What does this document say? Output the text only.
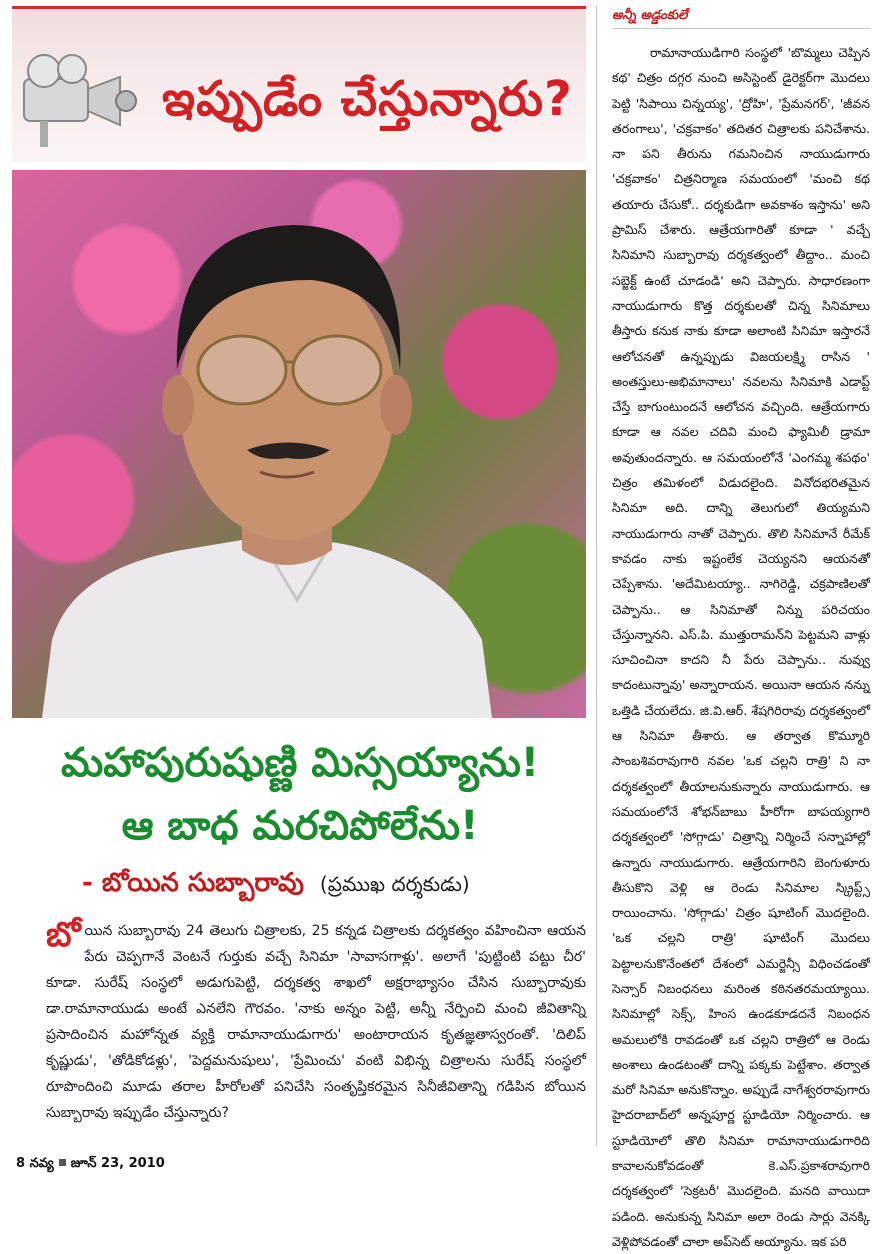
ఇప్పుడేం చేస్తున్నారు?
మహాపురుషుణ్ణి మిస్సయ్యాను!
ఆ బాధ మరచిపోలేను!
- బోయిన సుబ్బారావు (ప్రముఖ దర్శకుడు)
బోయిన సుబ్బారావు 24 తెలుగు చిత్రాలకు, 25 కన్నడ చిత్రాలకు దర్శకత్వం వహించినా ఆయన పేరు చెప్పగానే వెంటనే గుర్తుకు వచ్చే సినిమా 'సావాసగాళ్లు'. అలాగే 'పుట్టింటి పట్టు చీర' కూడా. సురేష్ సంస్థలో అడుగుపెట్టి, దర్శకత్వ శాఖలో అక్షరాభ్యాసం చేసిన సుబ్బారావుకు డా.రామానాయుడు అంటే ఎనలేని గౌరవం. 'నాకు అన్నం పెట్టి, అన్నీ నేర్పించి మంచి జీవితాన్ని ప్రసాదించిన మహోన్నత వ్యక్తి రామానాయుడుగారు' అంటారాయన కృతజ్ఞతాస్వరంతో. 'దిలిప్ కృష్ణుడు', 'తోడికోడళ్లు', 'పెద్దమనుషులు', 'ప్రేమించు' వంటి విభిన్న చిత్రాలను సురేష్ సంస్థలో రూపొందించి మూడు తరాల హీరోలతో పనిచేసి సంతృప్తికరమైన సినీజీవితాన్ని గడిపిన బోయిన సుబ్బారావు ఇప్పుడేం చేస్తున్నారు?
8 నవ్య జూన్ 23, 2010
అన్నీ అడ్డంకులే

రామానాయుడిగారి సంస్థలో 'బొమ్మలు చెప్పిన కథ' చిత్రం దగ్గర నుంచి అసిస్టెంట్ డైరెక్టర్‌గా మొదలు పెట్టి 'సిపాయి చిన్నయ్య', 'ద్రోహి', 'ప్రేమనగర్', 'జీవన తరంగాలు', 'చక్రవాకం' తదితర చిత్రాలకు పనిచేశాను. నా పని తీరును గమనించిన నాయుడుగారు 'చక్రవాకం' చిత్రనిర్మాణ సమయంలో 'మంచి కథ తయారు చేసుకో.. దర్శకుడిగా అవకాశం ఇస్తాను' అని ప్రామిస్ చేశారు. ఆత్రేయగారితో కూడా ' వచ్చే సినిమాని సుబ్బారావు దర్శకత్వంలో తీద్దాం.. మంచి సబ్జెక్ట్ ఉంటే చూడండి' అని చెప్పారు. సాధారణంగా నాయుడుగారు కొత్త దర్శకులతో చిన్న సినిమాలు తీస్తారు కనుక నాకు కూడా అలాంటి సినిమా ఇస్తారనే ఆలోచనతో ఉన్నప్పుడు విజయలక్ష్మి రాసిన ' అంతస్తులు-అభిమానాలు' నవలను సినిమాకి ఎడాప్ట్ చేస్తే బాగుంటుందనే ఆలోచన వచ్చింది. ఆత్రేయగారు కూడా ఆ నవల చదివి మంచి ఫ్యామిలీ డ్రామా అవుతుందన్నారు. ఆ సమయంలోనే 'ఎంగమ్మ శపథం' చిత్రం తమిళంలో విడుదలైంది. వినోదభరితమైన సినిమా అది. దాన్ని తెలుగులో తియ్యమని నాయుడుగారు నాతో చెప్పారు. తొలి సినిమానే రీమేక్ కావడం నాకు ఇష్టంలేక చెయ్యనని ఆయనతో చెప్పేశాను. 'అదేమిటయ్యా.. నాగిరెడ్డి, చక్రపాణిలతో చెప్పాను.. ఆ సినిమాతో నిన్ను పరిచయం చేస్తున్నానని. ఎస్.పి. ముత్తురామన్‌ని పెట్టమని వాళ్లు సూచించినా కాదని నీ పేరు చెప్పాను.. నువ్వు కాదంటున్నావు' అన్నారాయన. అయినా ఆయన నన్ను ఒత్తిడి చేయలేదు. జి.వి.ఆర్. శేషగిరిరావు దర్శకత్వంలో ఆ సినిమా తీశారు. ఆ తర్వాత కొమ్మూరి సాంబశివరావుగారి నవల 'ఒక చల్లని రాత్రి' ని నా దర్శకత్వంలో తీయాలనుకున్నారు నాయుడుగారు. ఆ సమయంలోనే శోభన్‌బాబు హీరోగా బాపయ్యగారి దర్శకత్వంలో 'సోగ్గాడు' చిత్రాన్ని నిర్మించే సన్నాహాల్లో ఉన్నారు నాయుడుగారు. ఆత్రేయగారిని బెంగుళూరు తీసుకొని వెళ్లి ఆ రెండు సినిమాల స్క్రిప్ట్స్ రాయించాను. 'సోగ్గాడు' చిత్రం షూటింగ్ మొదలైంది. 'ఒక చల్లని రాత్రి' షూటింగ్ మొదలు పెట్టాలనుకొనేంతలో దేశంలో ఎమర్జెన్సీ విధించడంతో సెన్సార్ నిబంధనలు మరింత కఠినతరమయ్యాయి. సినిమాల్లో సెక్స్, హింస ఉండకూడదనే నిబంధన అమలులోకి రావడంతో ఒక చల్లని రాత్రిలో ఆ రెండు అంశాలు ఉండటంతో దాన్ని పక్కకు పెట్టేశాం. తర్వాత మరో సినిమా అనుకొన్నాం. అప్పుడే నాగేశ్వరరావుగారు హైదరాబాద్‌లో అన్నపూర్ణ స్టూడియో నిర్మించారు. ఆ స్టూడియోలో తొలి సినిమా రామానాయుడుగారిది కావాలనుకోవడంతో కె.ఎస్.ప్రకాశరావుగారి దర్శకత్వంలో 'సెక్రటరీ' మొదలైంది. మనది వాయిదా పడింది. అనుకున్న సినిమా అలా రెండు సార్లు వెనక్కి వెళ్లిపోవడంతో చాలా అప్‌సెట్ అయ్యాను. ఇక పరి
